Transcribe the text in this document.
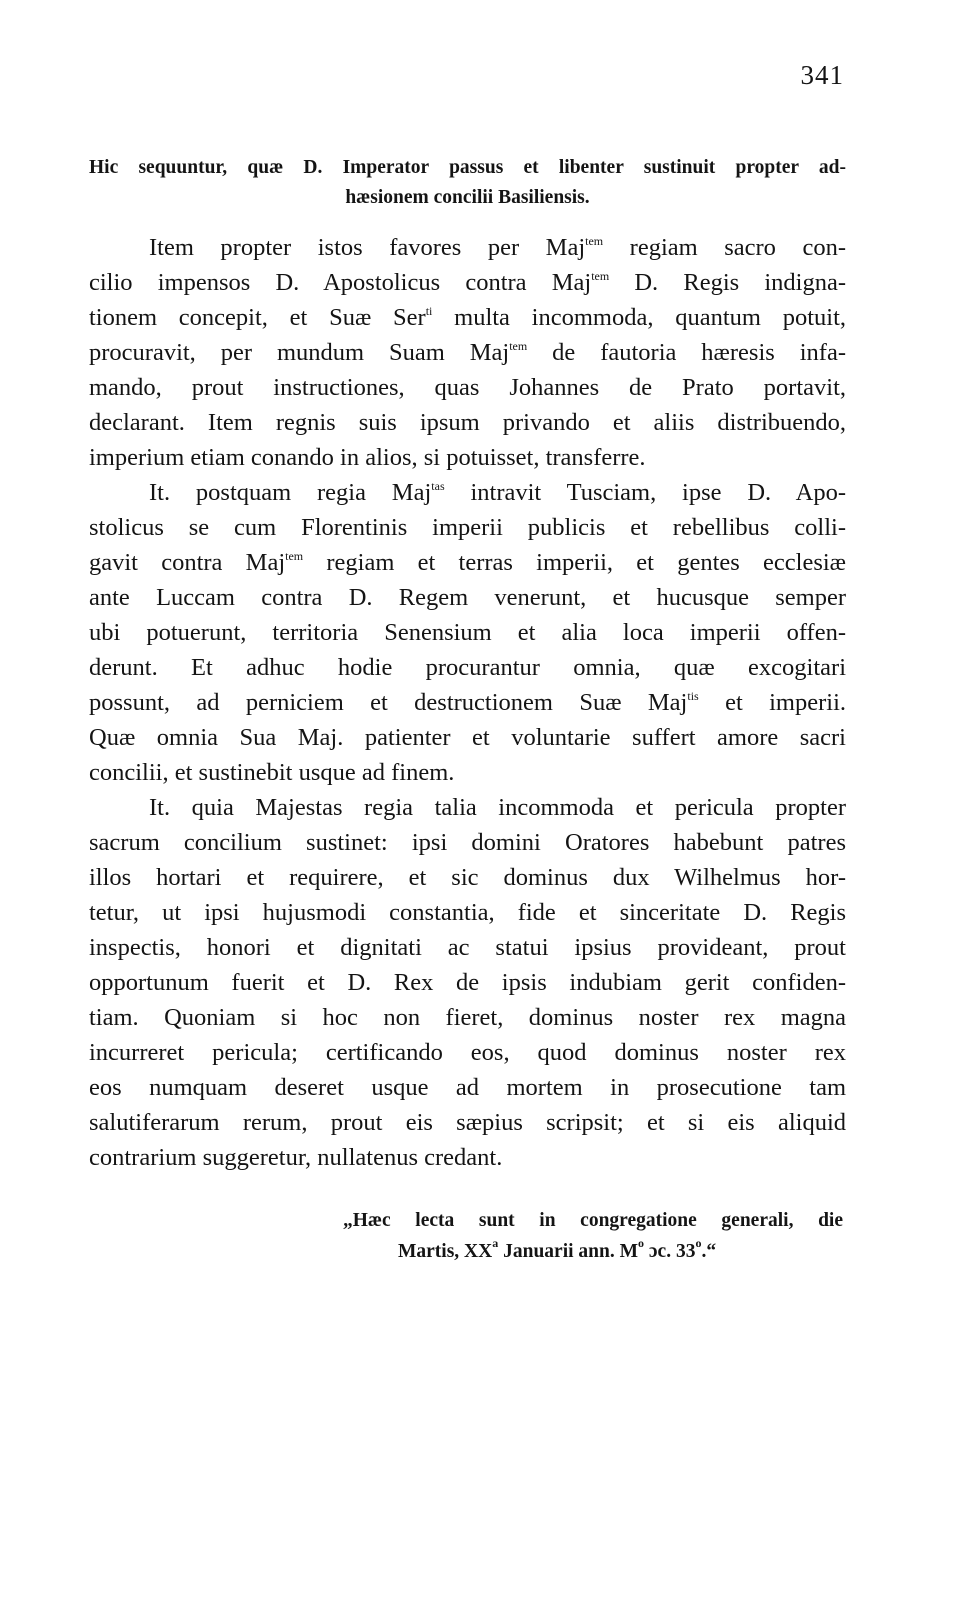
341
Hic sequuntur, quæ D. Imperator passus et libenter sustinuit propter ad-
hæsionem concilii Basiliensis.

Item propter istos favores per Maj$^{tem}$ regiam sacro con-
cilio impensos D. Apostolicus contra Maj$^{tem}$ D. Regis indigna-
tionem concepit, et Suæ Ser$^{ti}$ multa incommoda, quantum potuit,
procuravit, per mundum Suam Maj$^{tem}$ de fautoria hæresis infa-
mando, prout instructiones, quas Johannes de Prato portavit,
declarant. Item regnis suis ipsum privando et aliis distribuendo,
imperium etiam conando in alios, si potuisset, transferre.

It. postquam regia Maj$^{tas}$ intravit Tusciam, ipse D. Apo-
stolicus se cum Florentinis imperii publicis et rebellibus colli-
gavit contra Maj$^{tem}$ regiam et terras imperii, et gentes ecclesiæ
ante Luccam contra D. Regem venerunt, et hucusque semper
ubi potuerunt, territoria Senensium et alia loca imperii offen-
derunt. Et adhuc hodie procurantur omnia, quæ excogitari
possunt, ad perniciem et destructionem Suæ Maj$^{tis}$ et imperii.
Quæ omnia Sua Maj. patienter et voluntarie suffert amore sacri
concilii, et sustinebit usque ad finem.

It. quia Majestas regia talia incommoda et pericula propter
sacrum concilium sustinet: ipsi domini Oratores habebunt patres
illos hortari et requirere, et sic dominus dux Wilhelmus hor-
tetur, ut ipsi hujusmodi constantia, fide et sinceritate D. Regis
inspectis, honori et dignitati ac statui ipsius provideant, prout
opportunum fuerit et D. Rex de ipsis indubiam gerit confiden-
tiam. Quoniam si hoc non fieret, dominus noster rex magna
incurreret pericula; certificando eos, quod dominus noster rex
eos numquam deseret usque ad mortem in prosecutione tam
salutiferarum rerum, prout eis sæpius scripsit; et si eis aliquid
contrarium suggeretur, nullatenus credant.

„Hæc lecta sunt in congregatione generali, die
Martis, $XX^a$ Januarii ann. $M^o$ ɔc. 33$^o$.“
